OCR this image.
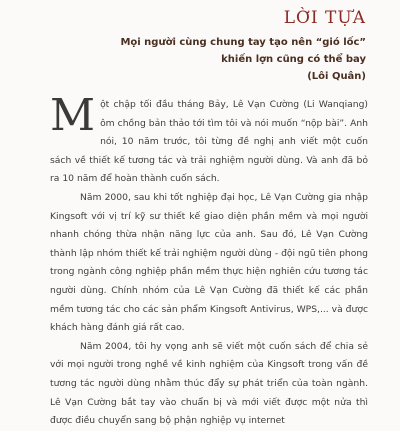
LỜI TỰA
Mọi người cùng chung tay tạo nên “gió lốc”
khiến lợn cũng có thể bay
(Lôi Quân)

Một chập tối đầu tháng Bảy, Lê Vạn Cường (Li Wanqiang) ôm chồng bản thảo tới tìm tôi và nói muốn “nộp bài”. Anh nói, 10 năm trước, tôi từng đề nghị anh viết một cuốn sách về thiết kế tương tác và trải nghiệm người dùng. Và anh đã bỏ ra 10 năm để hoàn thành cuốn sách.

Năm 2000, sau khi tốt nghiệp đại học, Lê Vạn Cường gia nhập Kingsoft với vị trí kỹ sư thiết kế giao diện phần mềm và mọi người nhanh chóng thừa nhận năng lực của anh. Sau đó, Lê Vạn Cường thành lập nhóm thiết kế trải nghiệm người dùng - đội ngũ tiên phong trong ngành công nghiệp phần mềm thực hiện nghiên cứu tương tác người dùng. Chính nhóm của Lê Vạn Cường đã thiết kế các phần mềm tương tác cho các sản phẩm Kingsoft Antivirus, WPS,... và được khách hàng đánh giá rất cao.

Năm 2004, tôi hy vọng anh sẽ viết một cuốn sách để chia sẻ với mọi người trong nghề về kinh nghiệm của Kingsoft trong vấn đề tương tác người dùng nhằm thúc đẩy sự phát triển của toàn ngành. Lê Vạn Cường bắt tay vào chuẩn bị và mới viết được một nửa thì được điều chuyển sang bộ phận nghiệp vụ internet
